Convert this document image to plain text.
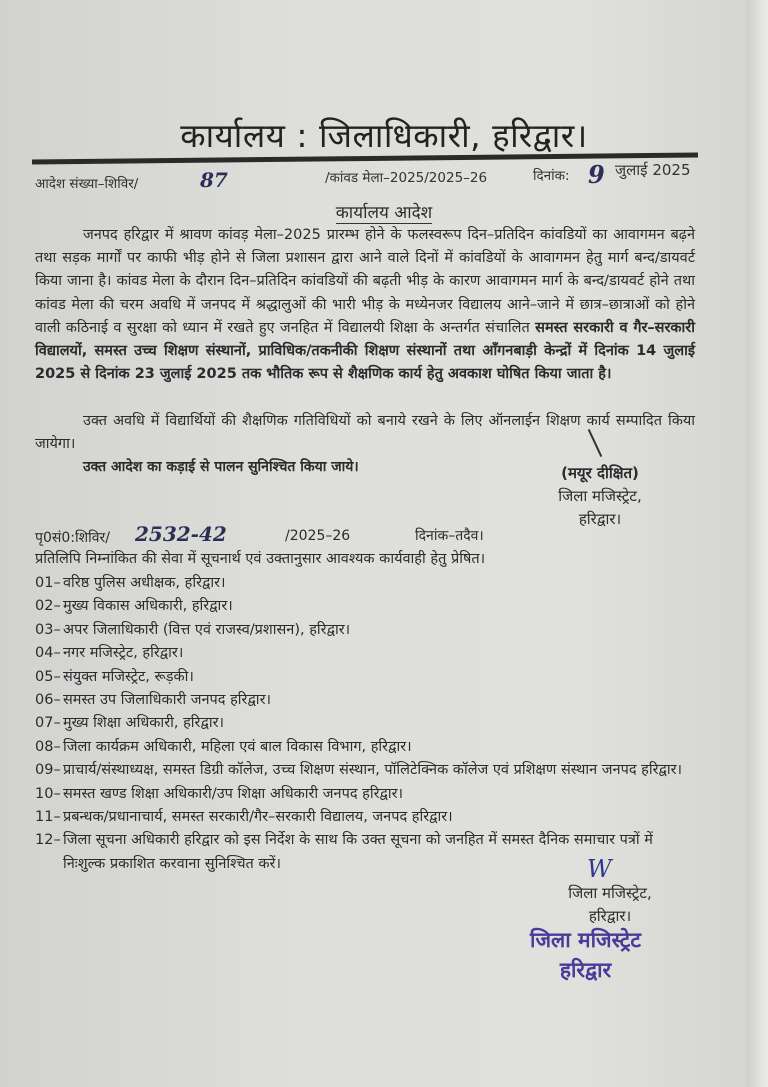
कार्यालय : जिलाधिकारी, हरिद्वार।
आदेश संख्या–शिविर/	87	/कांवड मेला–2025/2025–26	दिनांक: 9 जुलाई 2025
कार्यालय आदेश
जनपद हरिद्वार में श्रावण कांवड़ मेला–2025 प्रारम्भ होने के फलस्वरूप दिन–प्रतिदिन कांवडियों का आवागमन बढ़ने तथा सड़क मार्गों पर काफी भीड़ होने से जिला प्रशासन द्वारा आने वाले दिनों में कांवडियों के आवागमन हेतु मार्ग बन्द/डायवर्ट किया जाना है। कांवड मेला के दौरान दिन–प्रतिदिन कांवडियों की बढ़ती भीड़ के कारण आवागमन मार्ग के बन्द/डायवर्ट होने तथा कांवड मेला की चरम अवधि में जनपद में श्रद्धालुओं की भारी भीड़ के मध्येनजर विद्यालय आने–जाने में छात्र–छात्राओं को होने वाली कठिनाई व सुरक्षा को ध्यान में रखते हुए जनहित में विद्यालयी शिक्षा के अन्तर्गत संचालित समस्त सरकारी व गैर–सरकारी विद्यालयों, समस्त उच्च शिक्षण संस्थानों, प्राविधिक/तकनीकी शिक्षण संस्थानों तथा आँगनबाड़ी केन्द्रों में दिनांक 14 जुलाई 2025 से दिनांक 23 जुलाई 2025 तक भौतिक रूप से शैक्षणिक कार्य हेतु अवकाश घोषित किया जाता है।
उक्त अवधि में विद्यार्थियों की शैक्षणिक गतिविधियों को बनाये रखने के लिए ऑनलाईन शिक्षण कार्य सम्पादित किया जायेगा।
उक्त आदेश का कड़ाई से पालन सुनिश्चित किया जाये।	(मयूर दीक्षित)
जिला मजिस्ट्रेट,
हरिद्वार।
पृ0सं0:शिविर/ 2532-42	/2025–26	दिनांक–तदैव।
प्रतिलिपि निम्नांकित की सेवा में सूचनार्थ एवं उक्तानुसार आवश्यक कार्यवाही हेतु प्रेषित।
01– वरिष्ठ पुलिस अधीक्षक, हरिद्वार।
02– मुख्य विकास अधिकारी, हरिद्वार।
03– अपर जिलाधिकारी (वित्त एवं राजस्व/प्रशासन), हरिद्वार।
04– नगर मजिस्ट्रेट, हरिद्वार।
05– संयुक्त मजिस्ट्रेट, रूड़की।
06– समस्त उप जिलाधिकारी जनपद हरिद्वार।
07– मुख्य शिक्षा अधिकारी, हरिद्वार।
08– जिला कार्यक्रम अधिकारी, महिला एवं बाल विकास विभाग, हरिद्वार।
09– प्राचार्य/संस्थाध्यक्ष, समस्त डिग्री कॉलेज, उच्च शिक्षण संस्थान, पॉलिटेक्निक कॉलेज एवं प्रशिक्षण संस्थान जनपद हरिद्वार।
10– समस्त खण्ड शिक्षा अधिकारी/उप शिक्षा अधिकारी जनपद हरिद्वार।
11– प्रबन्धक/प्रधानाचार्य, समस्त सरकारी/गैर–सरकारी विद्यालय, जनपद हरिद्वार।
12– जिला सूचना अधिकारी हरिद्वार को इस निर्देश के साथ कि उक्त सूचना को जनहित में समस्त दैनिक समाचार पत्रों में निःशुल्क प्रकाशित करवाना सुनिश्चित करें।	W
जिला मजिस्ट्रेट,
हरिद्वार।
जिला मजिस्ट्रेट
हरिद्वार
